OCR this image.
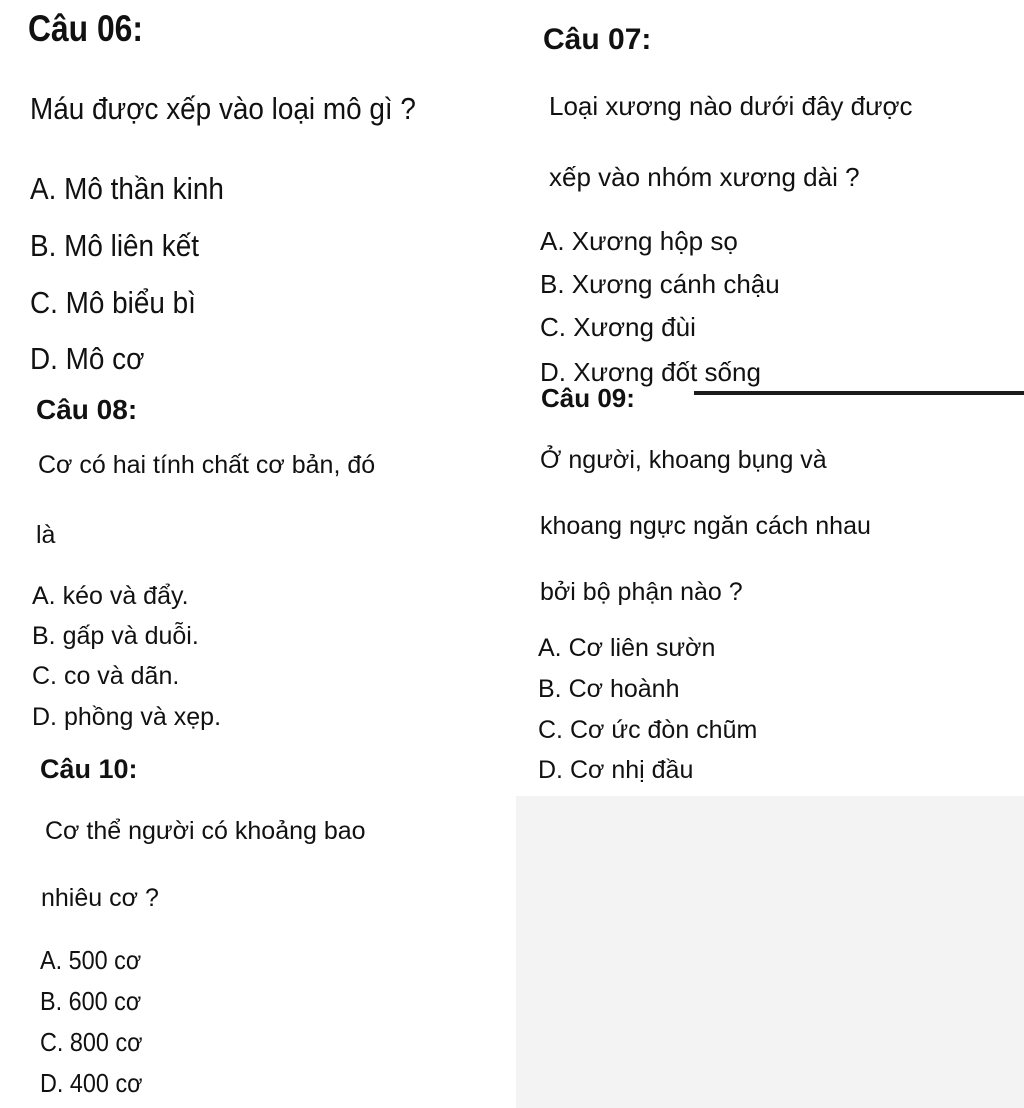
Câu 06:
Máu được xếp vào loại mô gì ?
A. Mô thần kinh
B. Mô liên kết
C. Mô biểu bì
D. Mô cơ
Câu 07:
Loại xương nào dưới đây được
xếp vào nhóm xương dài ?
A. Xương hộp sọ
B. Xương cánh chậu
C. Xương đùi
D. Xương đốt sống
Câu 08:
Cơ có hai tính chất cơ bản, đó
là
A. kéo và đẩy.
B. gấp và duỗi.
C. co và dãn.
D. phồng và xẹp.
Câu 09:
Ở người, khoang bụng và
khoang ngực ngăn cách nhau
bởi bộ phận nào ?
A. Cơ liên sườn
B. Cơ hoành
C. Cơ ức đòn chũm
D. Cơ nhị đầu
Câu 10:
Cơ thể người có khoảng bao
nhiêu cơ ?
A. 500 cơ
B. 600 cơ
C. 800 cơ
D. 400 cơ
